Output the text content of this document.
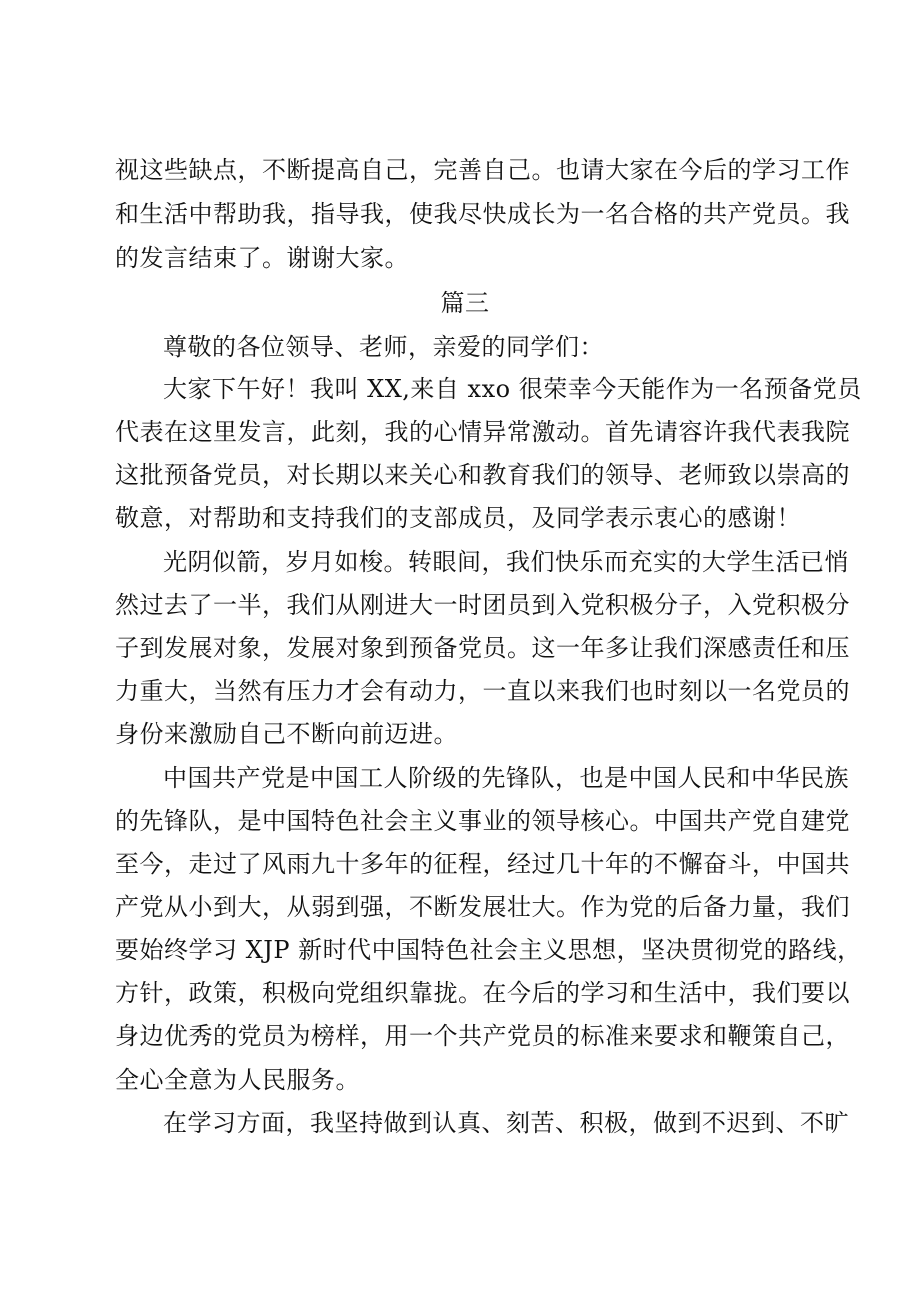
视这些缺点，不断提高自己，完善自己。也请大家在今后的学习工作
和生活中帮助我，指导我，使我尽快成长为一名合格的共产党员。我
的发言结束了。谢谢大家。
篇三
尊敬的各位领导、老师，亲爱的同学们：
大家下午好！我叫 XX,来自 xxo 很荣幸今天能作为一名预备党员
代表在这里发言，此刻，我的心情异常激动。首先请容许我代表我院
这批预备党员，对长期以来关心和教育我们的领导、老师致以崇高的
敬意，对帮助和支持我们的支部成员，及同学表示衷心的感谢！
光阴似箭，岁月如梭。转眼间，我们快乐而充实的大学生活已悄
然过去了一半，我们从刚进大一时团员到入党积极分子，入党积极分
子到发展对象，发展对象到预备党员。这一年多让我们深感责任和压
力重大，当然有压力才会有动力，一直以来我们也时刻以一名党员的
身份来激励自己不断向前迈进。
中国共产党是中国工人阶级的先锋队，也是中国人民和中华民族
的先锋队，是中国特色社会主义事业的领导核心。中国共产党自建党
至今，走过了风雨九十多年的征程，经过几十年的不懈奋斗，中国共
产党从小到大，从弱到强，不断发展壮大。作为党的后备力量，我们
要始终学习 XJP 新时代中国特色社会主义思想，坚决贯彻党的路线，
方针，政策，积极向党组织靠拢。在今后的学习和生活中，我们要以
身边优秀的党员为榜样，用一个共产党员的标准来要求和鞭策自己，
全心全意为人民服务。
在学习方面，我坚持做到认真、刻苦、积极，做到不迟到、不旷
